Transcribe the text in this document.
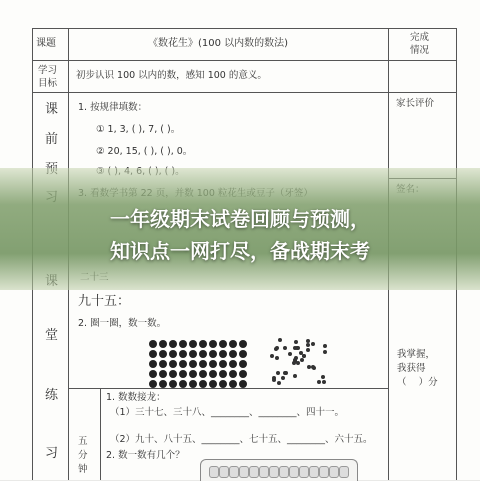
课题	《数花生》(100 以内数的数法)
完成
情况
学习
目标
初步认识 100 以内的数，感知 100 的意义。
课
前
1. 按规律填数：
① 1, 3, ( ), 7, ( )。
② 20, 15, ( ), ( ), 0。
家长评价
堂
练
习
九十五：
2. 圈一圈，数一数。
我掌握，
我获得
（    ）分
五
分
钟
1. 数数接龙：
（1）三十七、三十八、________、________、四十一。
（2）九十、八十五、________、七十五、________、六十五。
2. 数一数有几个？
一年级期末试卷回顾与预测，
知识点一网打尽，备战期末考
